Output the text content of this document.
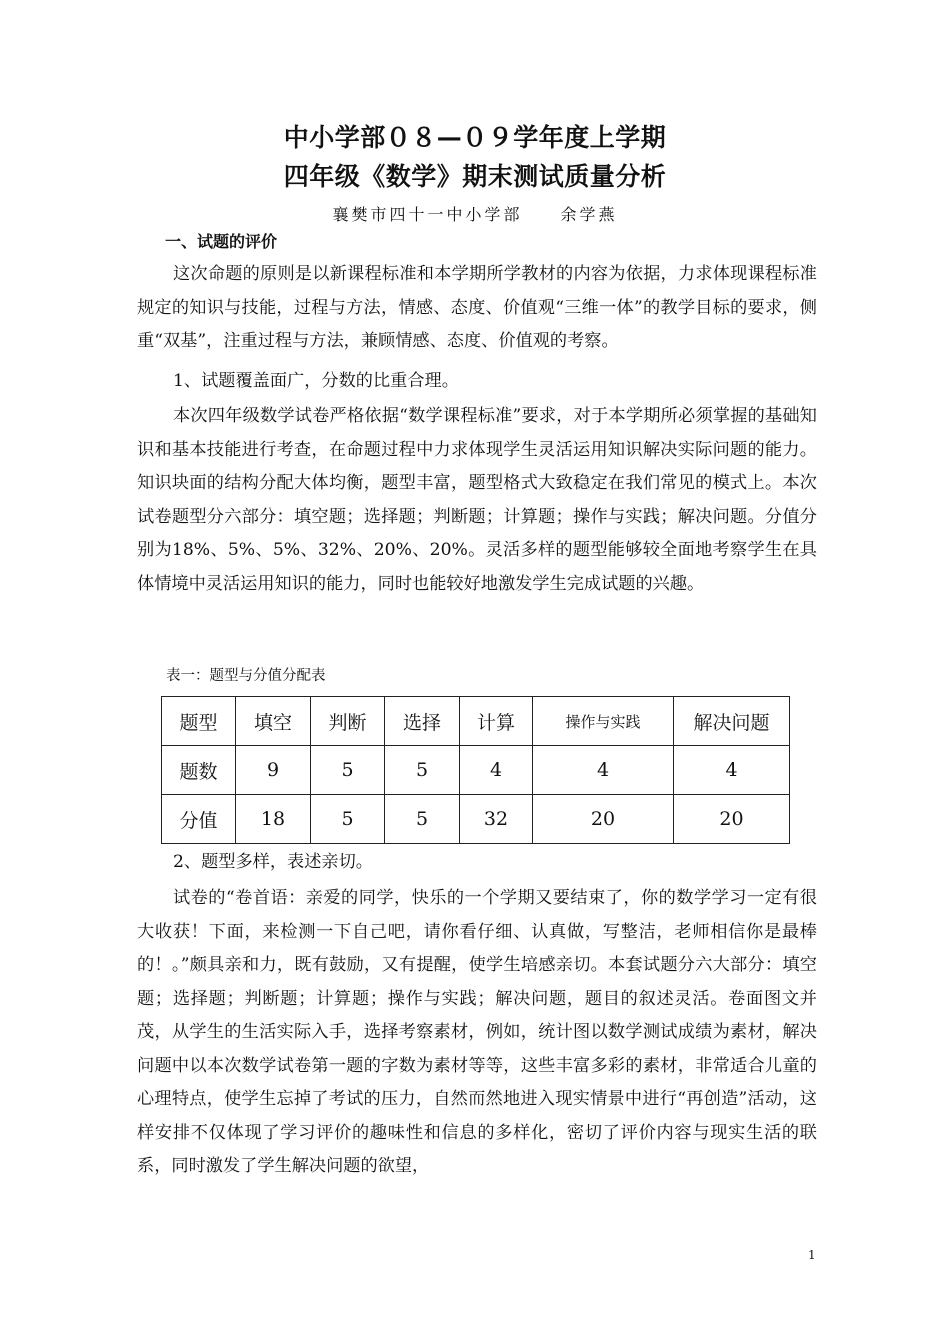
中小学部０８—０９学年度上学期
四年级《数学》期末测试质量分析
襄樊市四十一中小学部 余学燕
一、试题的评价

这次命题的原则是以新课程标准和本学期所学教材的内容为依据，力求体现课程标准规定的知识与技能，过程与方法，情感、态度、价值观“三维一体”的教学目标的要求，侧重“双基”，注重过程与方法，兼顾情感、态度、价值观的考察。

1、试题覆盖面广，分数的比重合理。

本次四年级数学试卷严格依据“数学课程标准”要求，对于本学期所必须掌握的基础知识和基本技能进行考查，在命题过程中力求体现学生灵活运用知识解决实际问题的能力。知识块面的结构分配大体均衡，题型丰富，题型格式大致稳定在我们常见的模式上。本次试卷题型分六部分：填空题；选择题；判断题；计算题；操作与实践；解决问题。分值分别为18%、5%、5%、32%、20%、20%。灵活多样的题型能够较全面地考察学生在具体情境中灵活运用知识的能力，同时也能较好地激发学生完成试题的兴趣。

表一：题型与分值分配表
题型	填空	判断	选择	计算	操作与实践	解决问题
题数	9	5	5	4	4	4
分值	18	5	5	32	20	20

2、题型多样，表述亲切。

试卷的“卷首语：亲爱的同学，快乐的一个学期又要结束了，你的数学学习一定有很大收获！下面，来检测一下自己吧，请你看仔细、认真做，写整洁，老师相信你是最棒的！。”颇具亲和力，既有鼓励，又有提醒，使学生培感亲切。本套试题分六大部分：填空题；选择题；判断题；计算题；操作与实践；解决问题，题目的叙述灵活。卷面图文并茂，从学生的生活实际入手，选择考察素材，例如，统计图以数学测试成绩为素材，解决问题中以本次数学试卷第一题的字数为素材等等，这些丰富多彩的素材，非常适合儿童的心理特点，使学生忘掉了考试的压力，自然而然地进入现实情景中进行“再创造”活动，这样安排不仅体现了学习评价的趣味性和信息的多样化，密切了评价内容与现实生活的联系，同时激发了学生解决问题的欲望，

1
